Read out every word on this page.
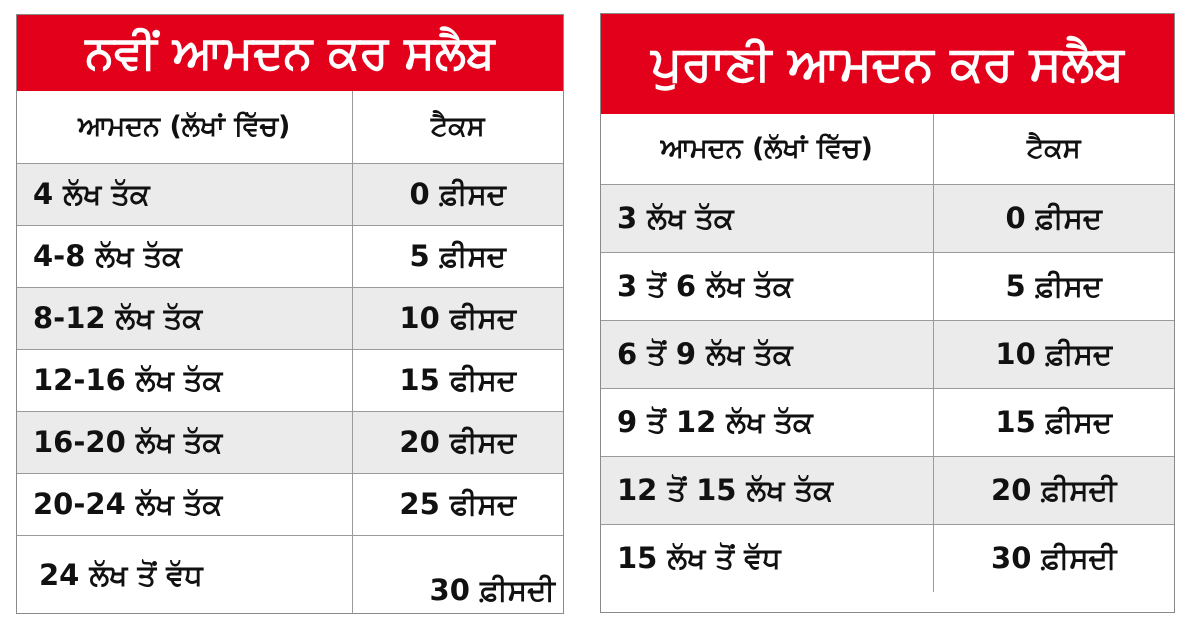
ਨਵੀਂ ਆਮਦਨ ਕਰ ਸਲੈਬ
ਆਮਦਨ (ਲੱਖਾਂ ਵਿੱਚ)	ਟੈਕਸ
4 ਲੱਖ ਤੱਕ	0 ਫ਼ੀਸਦ
4-8 ਲੱਖ ਤੱਕ	5 ਫ਼ੀਸਦ
8-12 ਲੱਖ ਤੱਕ	10 ਫੀਸਦ
12-16 ਲੱਖ ਤੱਕ	15 ਫੀਸਦ
16-20 ਲੱਖ ਤੱਕ	20 ਫੀਸਦ
20-24 ਲੱਖ ਤੱਕ	25 ਫੀਸਦ
24 ਲੱਖ ਤੋਂ ਵੱਧ	30 ਫ਼ੀਸਦੀ
ਪੁਰਾਣੀ ਆਮਦਨ ਕਰ ਸਲੈਬ
ਆਮਦਨ (ਲੱਖਾਂ ਵਿੱਚ)	ਟੈਕਸ
3 ਲੱਖ ਤੱਕ	0 ਫ਼ੀਸਦ
3 ਤੋਂ 6 ਲੱਖ ਤੱਕ	5 ਫ਼ੀਸਦ
6 ਤੋਂ 9 ਲੱਖ ਤੱਕ	10 ਫ਼ੀਸਦ
9 ਤੋਂ 12 ਲੱਖ ਤੱਕ	15 ਫ਼ੀਸਦ
12 ਤੋਂ 15 ਲੱਖ ਤੱਕ	20 ਫ਼ੀਸਦੀ
15 ਲੱਖ ਤੋਂ ਵੱਧ	30 ਫ਼ੀਸਦੀ
